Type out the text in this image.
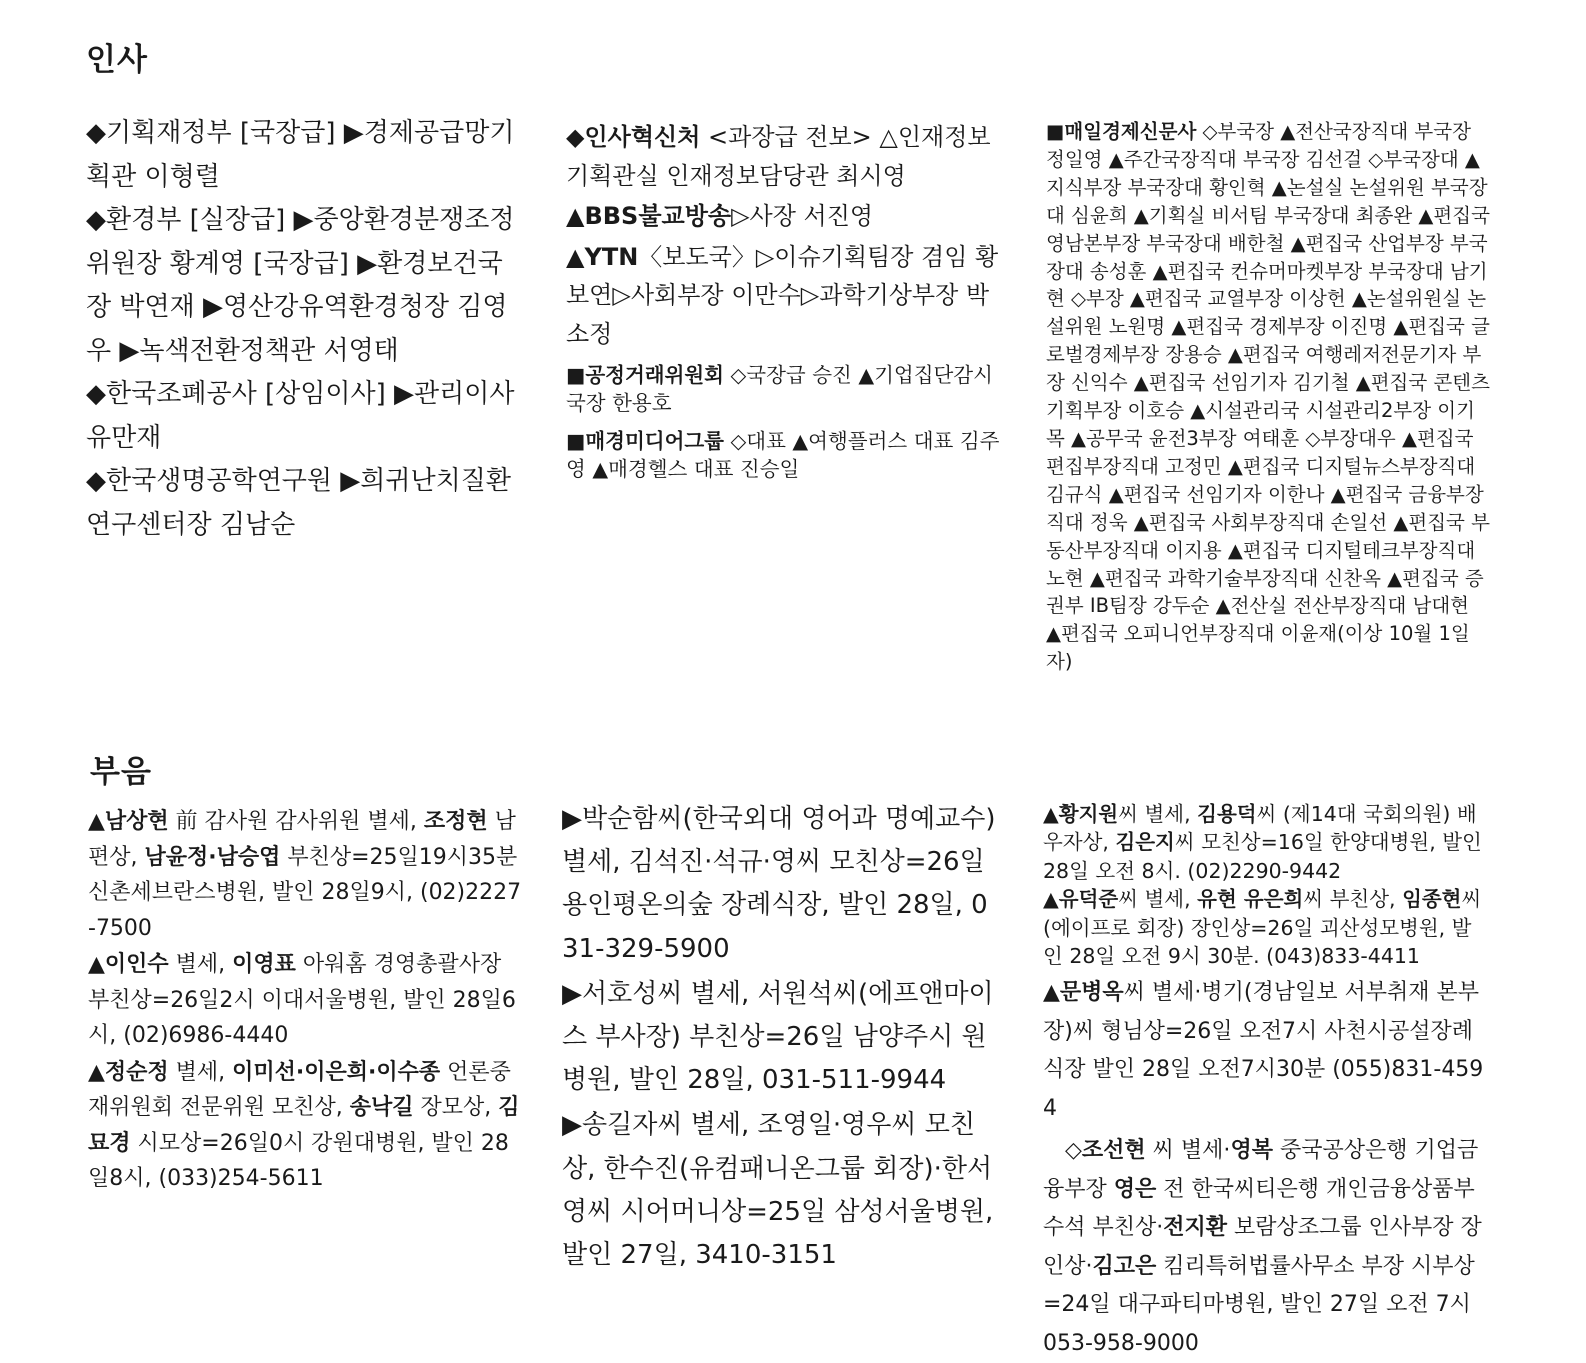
인사

◆기획재정부 [국장급] ▶경제공급망기획관 이형렬

◆환경부 [실장급] ▶중앙환경분쟁조정위원장 황계영 [국장급] ▶환경보건국장 박연재 ▶영산강유역환경청장 김영우 ▶녹색전환정책관 서영태

◆한국조폐공사 [상임이사] ▶관리이사 유만재

◆한국생명공학연구원 ▶희귀난치질환연구센터장 김남순

◆인사혁신처 <과장급 전보> △인재정보기획관실 인재정보담당관 최시영

▲BBS불교방송▷사장 서진영

▲YTN〈보도국〉▷이슈기획팀장 겸임 황보연▷사회부장 이만수▷과학기상부장 박소정

■공정거래위원회 ◇국장급 승진 ▲기업집단감시국장 한용호

■매경미디어그룹 ◇대표 ▲여행플러스 대표 김주영 ▲매경헬스 대표 진승일

■매일경제신문사 ◇부국장 ▲전산국장직대 부국장 정일영 ▲주간국장직대 부국장 김선걸 ◇부국장대 ▲지식부장 부국장대 황인혁 ▲논설실 논설위원 부국장대 심윤희 ▲기획실 비서팀 부국장대 최종완 ▲편집국 영남본부장 부국장대 배한철 ▲편집국 산업부장 부국장대 송성훈 ▲편집국 컨슈머마켓부장 부국장대 남기현 ◇부장 ▲편집국 교열부장 이상헌 ▲논설위원실 논설위원 노원명 ▲편집국 경제부장 이진명 ▲편집국 글로벌경제부장 장용승 ▲편집국 여행레저전문기자 부장 신익수 ▲편집국 선임기자 김기철 ▲편집국 콘텐츠기획부장 이호승 ▲시설관리국 시설관리2부장 이기목 ▲공무국 윤전3부장 여태훈 ◇부장대우 ▲편집국 편집부장직대 고정민 ▲편집국 디지털뉴스부장직대 김규식 ▲편집국 선임기자 이한나 ▲편집국 금융부장직대 정욱 ▲편집국 사회부장직대 손일선 ▲편집국 부동산부장직대 이지용 ▲편집국 디지털테크부장직대 노현 ▲편집국 과학기술부장직대 신찬옥 ▲편집국 증권부 IB팀장 강두순 ▲전산실 전산부장직대 남대현 ▲편집국 오피니언부장직대 이윤재(이상 10월 1일자)

부음

▲남상현 前 감사원 감사위원 별세, 조정현 남편상, 남윤정·남승엽 부친상=25일19시35분 신촌세브란스병원, 발인 28일9시, (02)2227-7500

▲이인수 별세, 이영표 아워홈 경영총괄사장 부친상=26일2시 이대서울병원, 발인 28일6시, (02)6986-4440

▲정순정 별세, 이미선·이은희·이수종 언론중재위원회 전문위원 모친상, 송낙길 장모상, 김묘경 시모상=26일0시 강원대병원, 발인 28일8시, (033)254-5611

▶박순함씨(한국외대 영어과 명예교수) 별세, 김석진·석규·영씨 모친상=26일 용인평온의숲 장례식장, 발인 28일, 031-329-5900

▶서호성씨 별세, 서원석씨(에프앤마이스 부사장) 부친상=26일 남양주시 원병원, 발인 28일, 031-511-9944

▶송길자씨 별세, 조영일·영우씨 모친상, 한수진(유컴패니온그룹 회장)·한서영씨 시어머니상=25일 삼성서울병원, 발인 27일, 3410-3151

▲황지원씨 별세, 김용덕씨 (제14대 국회의원) 배우자상, 김은지씨 모친상=16일 한양대병원, 발인 28일 오전 8시. (02)2290-9442

▲유덕준씨 별세, 유현 유은희씨 부친상, 임종현씨 (에이프로 회장) 장인상=26일 괴산성모병원, 발인 28일 오전 9시 30분. (043)833-4411

▲문병옥씨 별세·병기(경남일보 서부취재 본부장)씨 형님상=26일 오전7시 사천시공설장례식장 발인 28일 오전7시30분 (055)831-4594

◇조선현 씨 별세·영복 중국공상은행 기업금융부장 영은 전 한국씨티은행 개인금융상품부 수석 부친상·전지환 보람상조그룹 인사부장 장인상·김고은 킴리특허법률사무소 부장 시부상=24일 대구파티마병원, 발인 27일 오전 7시 053-958-9000
